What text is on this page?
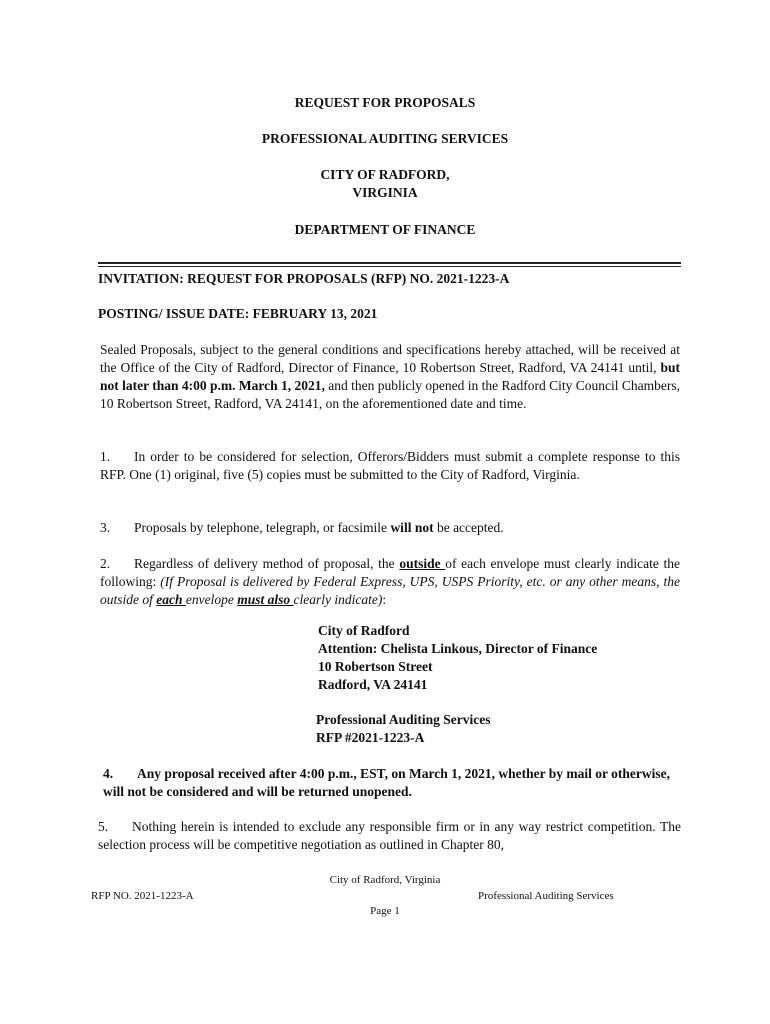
REQUEST FOR PROPOSALS
PROFESSIONAL AUDITING SERVICES
CITY OF RADFORD,
VIRGINIA
DEPARTMENT OF FINANCE
INVITATION: REQUEST FOR PROPOSALS (RFP) NO. 2021-1223-A
POSTING/ ISSUE DATE: FEBRUARY 13, 2021
Sealed Proposals, subject to the general conditions and specifications hereby attached, will be received at the Office of the City of Radford, Director of Finance, 10 Robertson Street, Radford, VA 24141 until, but not later than 4:00 p.m. March 1, 2021, and then publicly opened in the Radford City Council Chambers, 10 Robertson Street, Radford, VA 24141, on the aforementioned date and time.
1. In order to be considered for selection, Offerors/Bidders must submit a complete response to this RFP. One (1) original, five (5) copies must be submitted to the City of Radford, Virginia.
3. Proposals by telephone, telegraph, or facsimile will not be accepted.
2. Regardless of delivery method of proposal, the outside of each envelope must clearly indicate the following: (If Proposal is delivered by Federal Express, UPS, USPS Priority, etc. or any other means, the outside of each envelope must also clearly indicate):
City of Radford
Attention: Chelista Linkous, Director of Finance
10 Robertson Street
Radford, VA 24141
Professional Auditing Services
RFP #2021-1223-A
4. Any proposal received after 4:00 p.m., EST, on March 1, 2021, whether by mail or otherwise, will not be considered and will be returned unopened.
5. Nothing herein is intended to exclude any responsible firm or in any way restrict competition. The selection process will be competitive negotiation as outlined in Chapter 80,
City of Radford, Virginia
RFP NO. 2021-1223-A	Professional Auditing Services
Page 1
